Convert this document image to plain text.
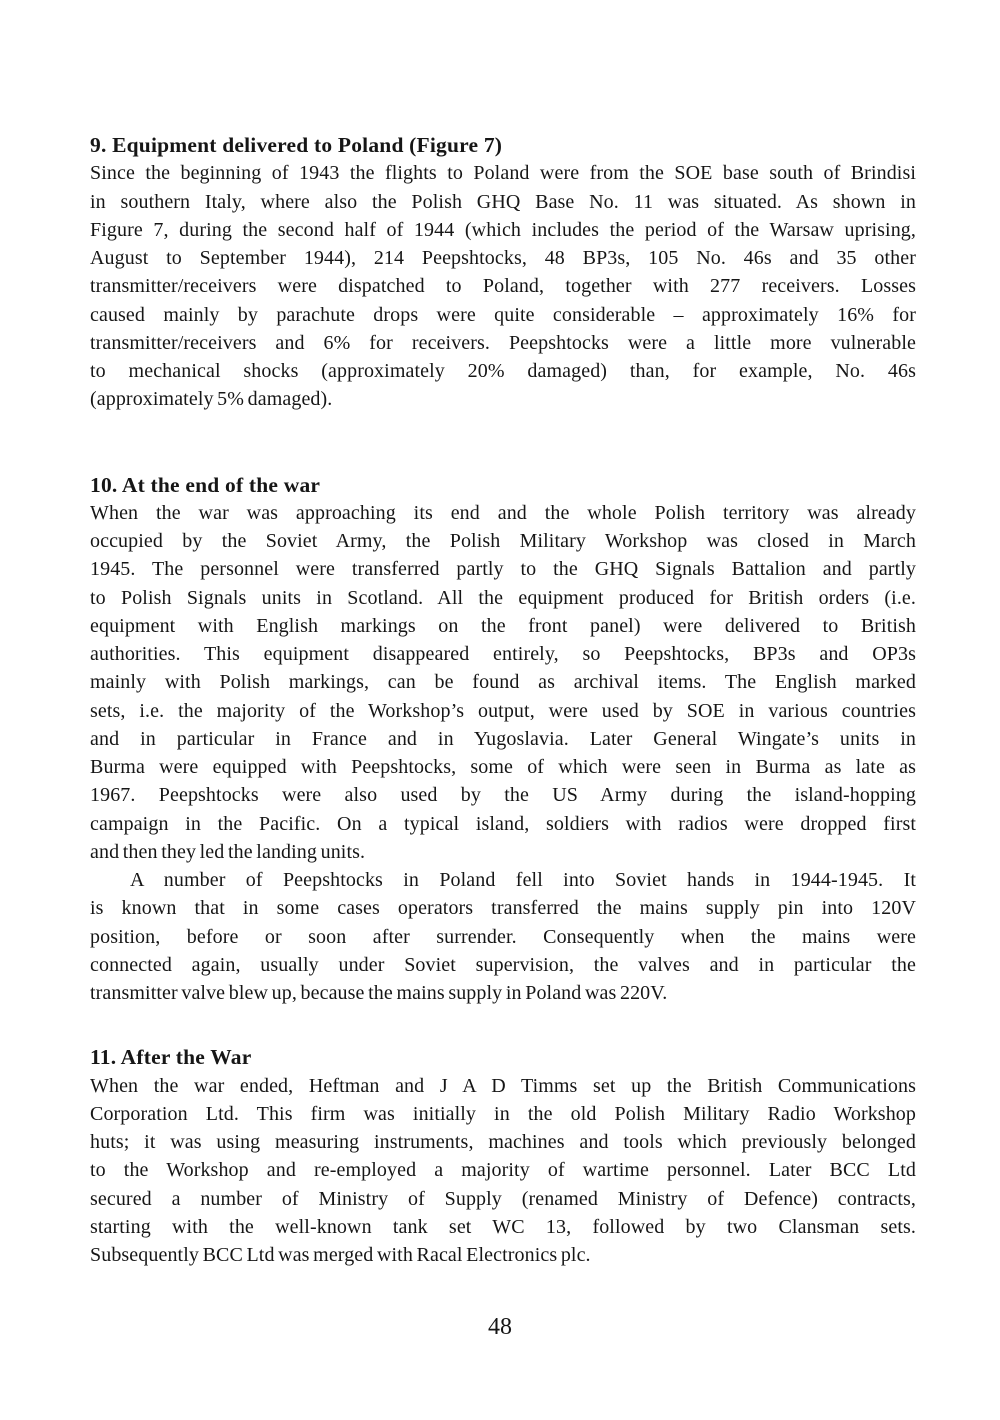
9. Equipment delivered to Poland (Figure 7)
Since the beginning of 1943 the flights to Poland were from the SOE base south of Brindisi
in southern Italy, where also the Polish GHQ Base No. 11 was situated. As shown in
Figure 7, during the second half of 1944 (which includes the period of the Warsaw uprising,
August to September 1944), 214 Peepshtocks, 48 BP3s, 105 No. 46s and 35 other
transmitter/receivers were dispatched to Poland, together with 277 receivers. Losses
caused mainly by parachute drops were quite considerable – approximately 16% for
transmitter/receivers and 6% for receivers. Peepshtocks were a little more vulnerable
to mechanical shocks (approximately 20% damaged) than, for example, No. 46s
(approximately 5% damaged).
10. At the end of the war
When the war was approaching its end and the whole Polish territory was already
occupied by the Soviet Army, the Polish Military Workshop was closed in March
1945. The personnel were transferred partly to the GHQ Signals Battalion and partly
to Polish Signals units in Scotland. All the equipment produced for British orders (i.e.
equipment with English markings on the front panel) were delivered to British
authorities. This equipment disappeared entirely, so Peepshtocks, BP3s and OP3s
mainly with Polish markings, can be found as archival items. The English marked
sets, i.e. the majority of the Workshop’s output, were used by SOE in various countries
and in particular in France and in Yugoslavia. Later General Wingate’s units in
Burma were equipped with Peepshtocks, some of which were seen in Burma as late as
1967. Peepshtocks were also used by the US Army during the island-hopping
campaign in the Pacific. On a typical island, soldiers with radios were dropped first
and then they led the landing units.
A number of Peepshtocks in Poland fell into Soviet hands in 1944-1945. It
is known that in some cases operators transferred the mains supply pin into 120V
position, before or soon after surrender. Consequently when the mains were
connected again, usually under Soviet supervision, the valves and in particular the
transmitter valve blew up, because the mains supply in Poland was 220V.
11. After the War
When the war ended, Heftman and J A D Timms set up the British Communications
Corporation Ltd. This firm was initially in the old Polish Military Radio Workshop
huts; it was using measuring instruments, machines and tools which previously belonged
to the Workshop and re-employed a majority of wartime personnel. Later BCC Ltd
secured a number of Ministry of Supply (renamed Ministry of Defence) contracts,
starting with the well-known tank set WC 13, followed by two Clansman sets.
Subsequently BCC Ltd was merged with Racal Electronics plc.
48
